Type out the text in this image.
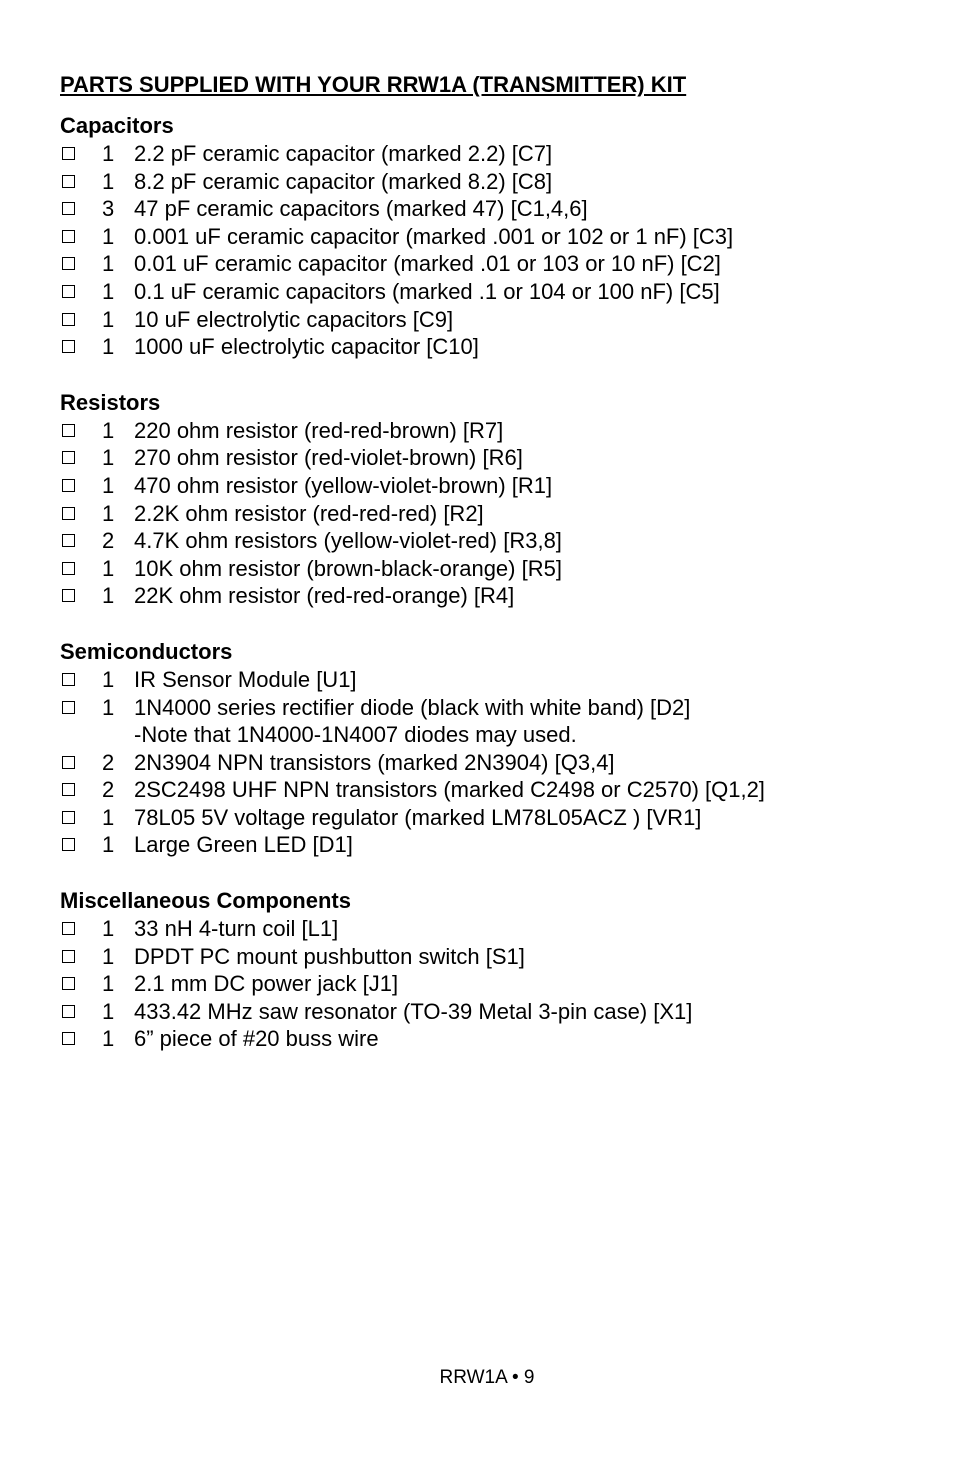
PARTS SUPPLIED WITH YOUR RRW1A (TRANSMITTER) KIT
Capacitors
1 2.2 pF ceramic capacitor (marked 2.2) [C7]
1 8.2 pF ceramic capacitor (marked 8.2) [C8]
3 47 pF ceramic capacitors (marked 47) [C1,4,6]
1 0.001 uF ceramic capacitor (marked .001 or 102 or 1 nF) [C3]
1 0.01 uF ceramic capacitor (marked .01 or 103 or 10 nF) [C2]
1 0.1 uF ceramic capacitors (marked .1 or 104 or 100 nF) [C5]
1 10 uF electrolytic capacitors [C9]
1 1000 uF electrolytic capacitor [C10]
Resistors
1 220 ohm resistor (red-red-brown) [R7]
1 270 ohm resistor (red-violet-brown) [R6]
1 470 ohm resistor (yellow-violet-brown) [R1]
1 2.2K ohm resistor (red-red-red) [R2]
2 4.7K ohm resistors (yellow-violet-red) [R3,8]
1 10K ohm resistor (brown-black-orange) [R5]
1 22K ohm resistor (red-red-orange) [R4]
Semiconductors
1 IR Sensor Module [U1]
1 1N4000 series rectifier diode (black with white band) [D2]
-Note that 1N4000-1N4007 diodes may used.
2 2N3904 NPN transistors (marked 2N3904) [Q3,4]
2 2SC2498 UHF NPN transistors (marked C2498 or C2570) [Q1,2]
1 78L05 5V voltage regulator (marked LM78L05ACZ ) [VR1]
1 Large Green LED [D1]
Miscellaneous Components
1 33 nH 4-turn coil [L1]
1 DPDT PC mount pushbutton switch [S1]
1 2.1 mm DC power jack [J1]
1 433.42 MHz saw resonator (TO-39 Metal 3-pin case) [X1]
1 6” piece of #20 buss wire
RRW1A • 9
